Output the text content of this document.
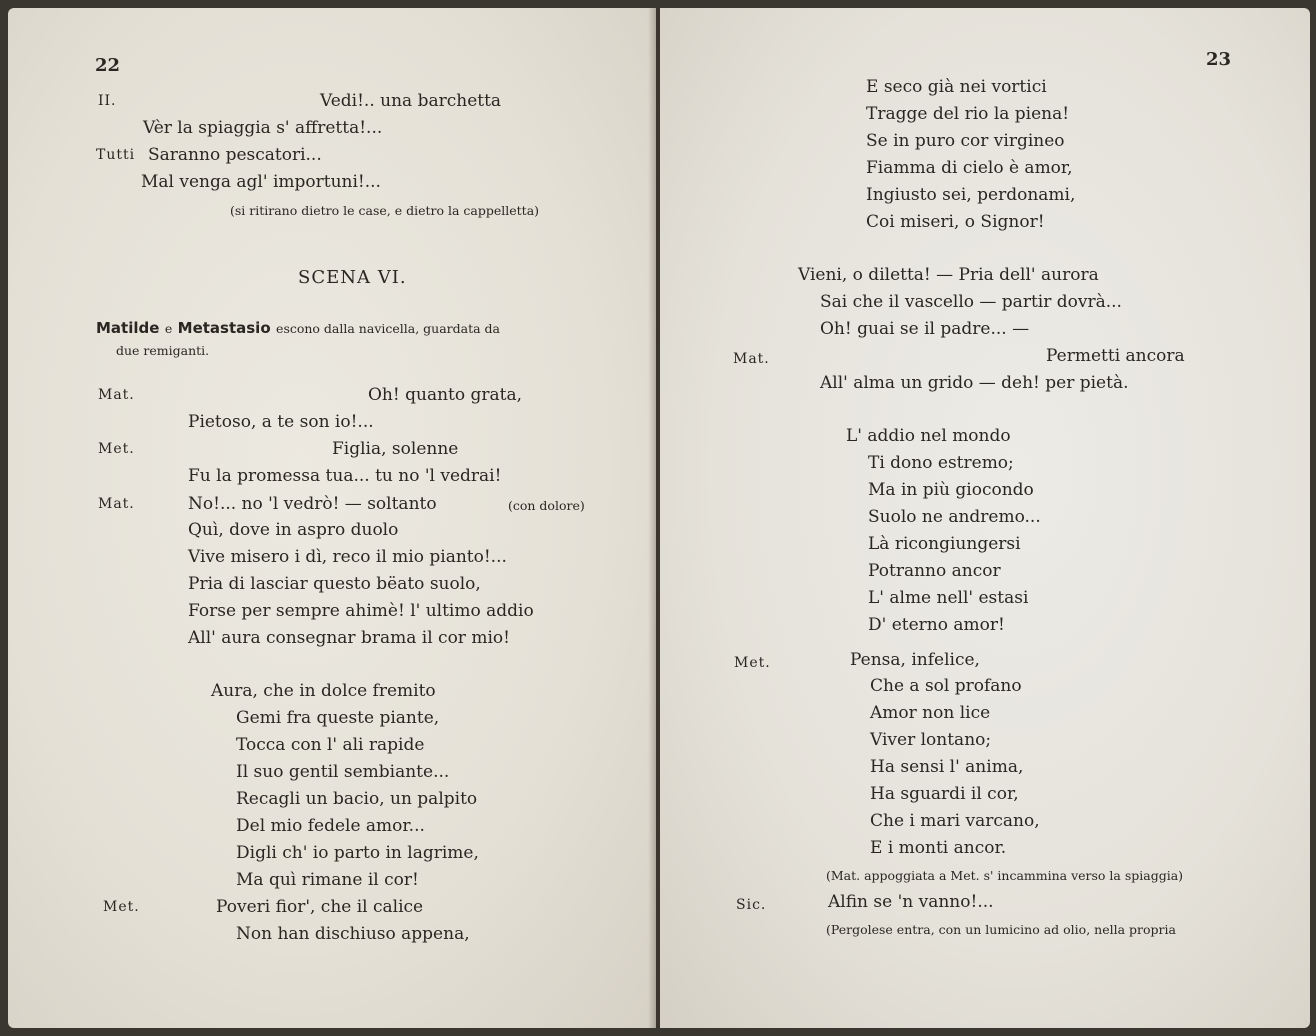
22
II.	Vedi!.. una barchetta
Vèr la spiaggia s' affretta!...
Tutti Saranno pescatori...
Mal venga agl' importuni!...
(si ritirano dietro le case, e dietro la cappelletta)
SCENA VI.
Matilde e Metastasio escono dalla navicella, guardata da
due remiganti.
Mat.	Oh! quanto grata,
Pietoso, a te son io!...
Met.	Figlia, solenne
Fu la promessa tua... tu no 'l vedrai!
Mat.	No!... no 'l vedrò! — soltanto	(con dolore)
Quì, dove in aspro duolo
Vive misero i dì, reco il mio pianto!...
Pria di lasciar questo bëato suolo,
Forse per sempre ahimè! l' ultimo addio
All' aura consegnar brama il cor mio!
Aura, che in dolce fremito
Gemi fra queste piante,
Tocca con l' ali rapide
Il suo gentil sembiante...
Recagli un bacio, un palpito
Del mio fedele amor...
Digli ch' io parto in lagrime,
Ma quì rimane il cor!
Met.	Poveri fior', che il calice
Non han dischiuso appena,
23
E seco già nei vortici
Tragge del rio la piena!
Se in puro cor virgineo
Fiamma di cielo è amor,
Ingiusto sei, perdonami,
Coi miseri, o Signor!
Vieni, o diletta! — Pria dell' aurora
Sai che il vascello — partir dovrà...
Oh! guai se il padre... —
Mat.	Permetti ancora
All' alma un grido — deh! per pietà.
L' addio nel mondo
Ti dono estremo;
Ma in più giocondo
Suolo ne andremo...
Là ricongiungersi
Potranno ancor
L' alme nell' estasi
D' eterno amor!
Met.	Pensa, infelice,
Che a sol profano
Amor non lice
Viver lontano;
Ha sensi l' anima,
Ha sguardi il cor,
Che i mari varcano,
E i monti ancor.
(Mat. appoggiata a Met. s' incammina verso la spiaggia)
Sic.	Alfin se 'n vanno!...
(Pergolese entra, con un lumicino ad olio, nella propria
